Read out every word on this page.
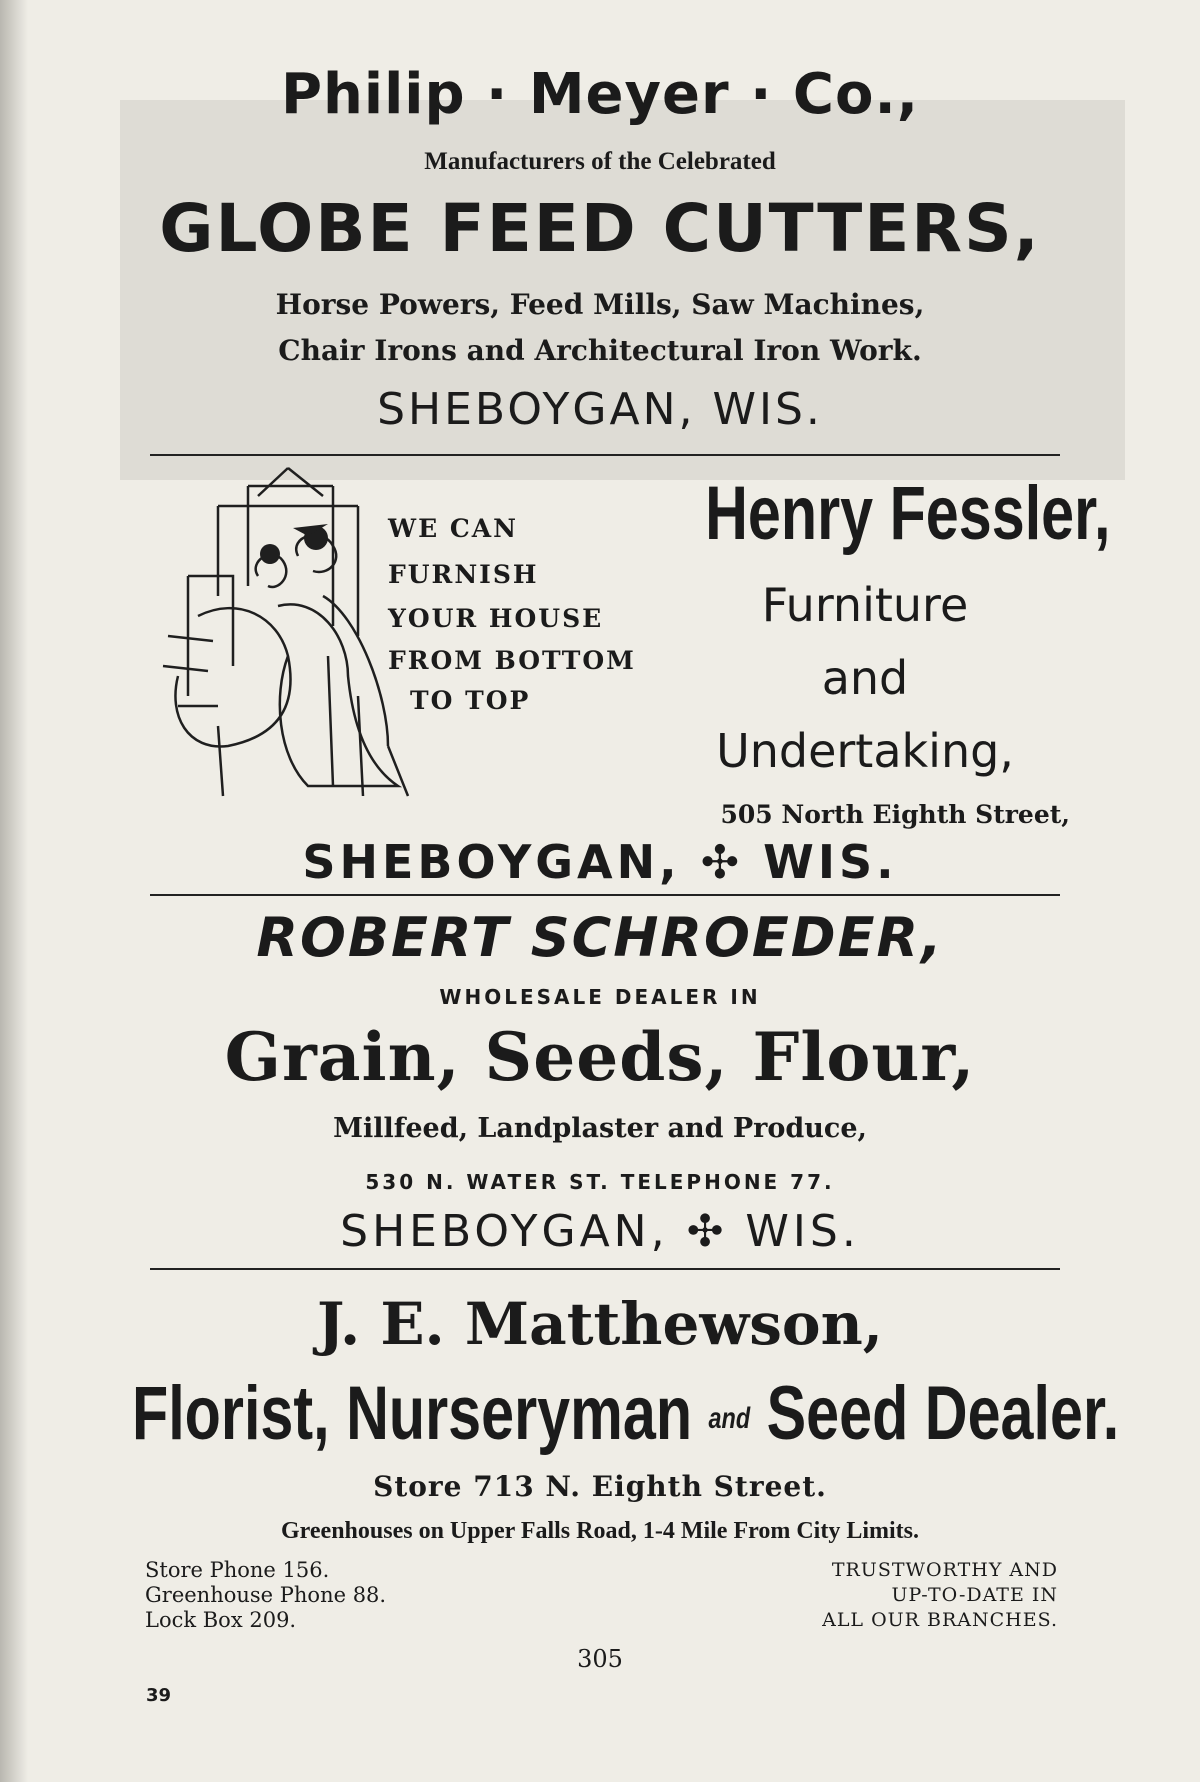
Philip · Meyer · Co.,
Manufacturers of the Celebrated
GLOBE FEED CUTTERS,
Horse Powers, Feed Mills, Saw Machines,
Chair Irons and Architectural Iron Work.
SHEBOYGAN, WIS.
WE CAN
FURNISH
YOUR HOUSE
FROM BOTTOM
TO TOP
Henry Fessler,
Furniture
and
Undertaking,
505 North Eighth Street,
SHEBOYGAN, ✣ WIS.
ROBERT SCHROEDER,
WHOLESALE DEALER IN
Grain, Seeds, Flour,
Millfeed, Landplaster and Produce,
530 N. WATER ST. TELEPHONE 77.
SHEBOYGAN, ✣ WIS.
J. E. Matthewson,
Florist, Nurseryman and Seed Dealer.
Store 713 N. Eighth Street.
Greenhouses on Upper Falls Road, 1-4 Mile From City Limits.
Store Phone 156.
Greenhouse Phone 88.
Lock Box 209.
TRUSTWORTHY AND
UP-TO-DATE IN
ALL OUR BRANCHES.
305
39
